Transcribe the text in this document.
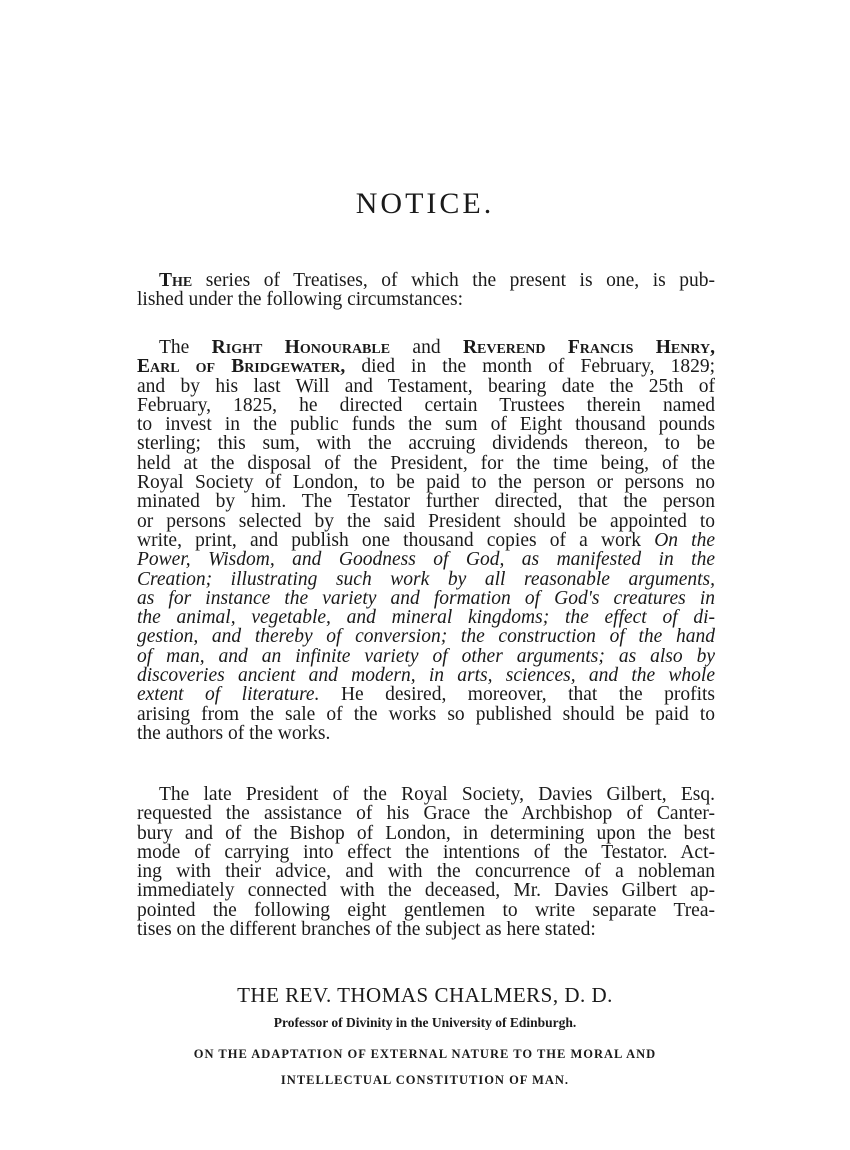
NOTICE.
The series of Treatises, of which the present is one, is pub-
lished under the following circumstances:
The Right Honourable and Reverend Francis Henry,
Earl of Bridgewater, died in the month of February, 1829;
and by his last Will and Testament, bearing date the 25th of
February, 1825, he directed certain Trustees therein named
to invest in the public funds the sum of Eight thousand pounds
sterling; this sum, with the accruing dividends thereon, to be
held at the disposal of the President, for the time being, of the
Royal Society of London, to be paid to the person or persons no
minated by him. The Testator further directed, that the person
or persons selected by the said President should be appointed to
write, print, and publish one thousand copies of a work On the
Power, Wisdom, and Goodness of God, as manifested in the
Creation; illustrating such work by all reasonable arguments,
as for instance the variety and formation of God's creatures in
the animal, vegetable, and mineral kingdoms; the effect of di-
gestion, and thereby of conversion; the construction of the hand
of man, and an infinite variety of other arguments; as also by
discoveries ancient and modern, in arts, sciences, and the whole
extent of literature. He desired, moreover, that the profits
arising from the sale of the works so published should be paid to
the authors of the works.
The late President of the Royal Society, Davies Gilbert, Esq.
requested the assistance of his Grace the Archbishop of Canter-
bury and of the Bishop of London, in determining upon the best
mode of carrying into effect the intentions of the Testator. Act-
ing with their advice, and with the concurrence of a nobleman
immediately connected with the deceased, Mr. Davies Gilbert ap-
pointed the following eight gentlemen to write separate Trea-
tises on the different branches of the subject as here stated:
THE REV. THOMAS CHALMERS, D. D.
Professor of Divinity in the University of Edinburgh.
ON THE ADAPTATION OF EXTERNAL NATURE TO THE MORAL AND
INTELLECTUAL CONSTITUTION OF MAN.
